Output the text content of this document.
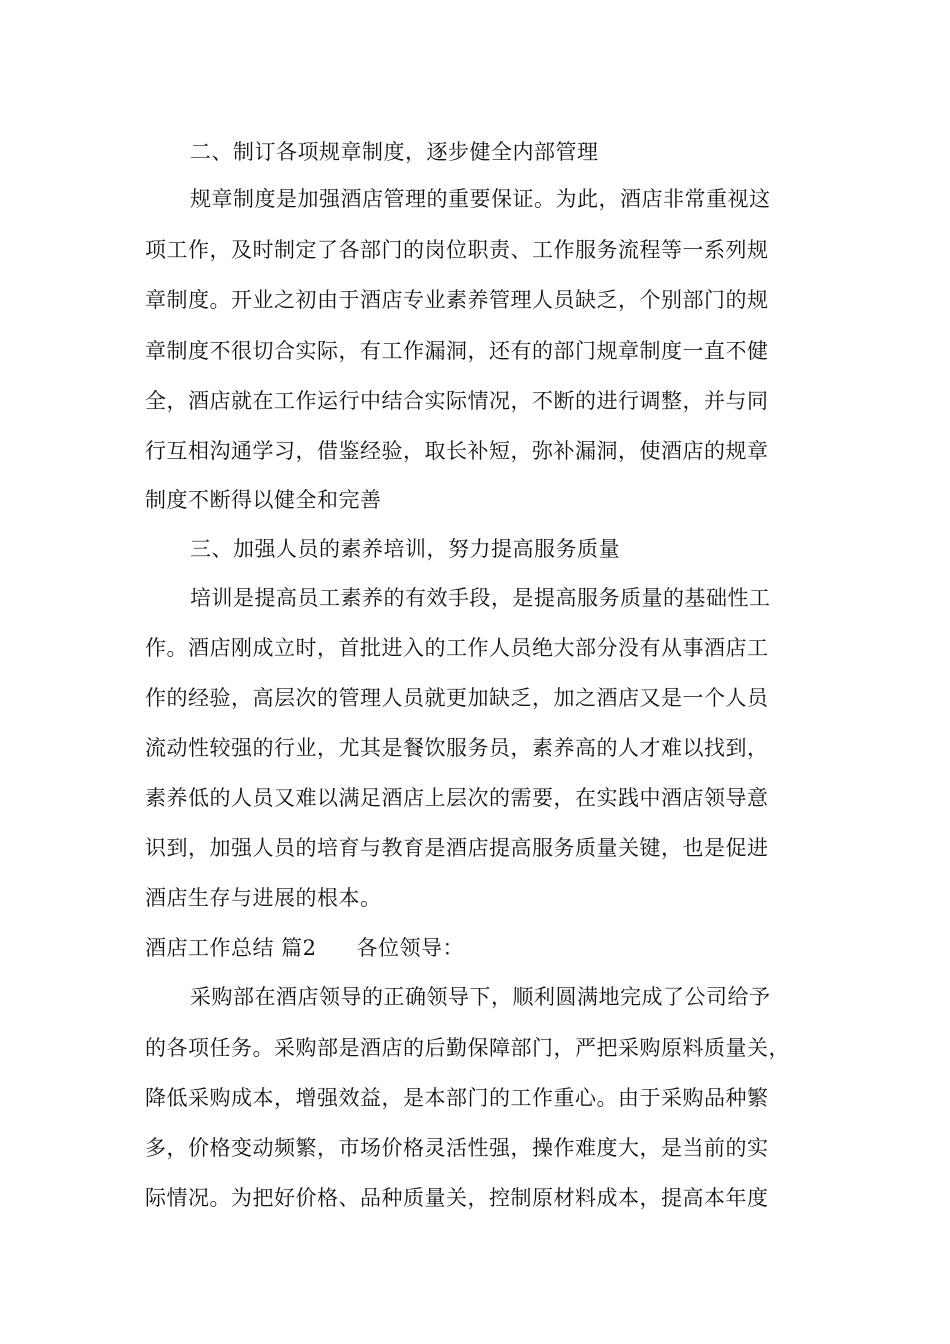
二、制订各项规章制度，逐步健全内部管理
规章制度是加强酒店管理的重要保证。为此，酒店非常重视这
项工作，及时制定了各部门的岗位职责、工作服务流程等一系列规
章制度。开业之初由于酒店专业素养管理人员缺乏，个别部门的规
章制度不很切合实际，有工作漏洞，还有的部门规章制度一直不健
全，酒店就在工作运行中结合实际情况，不断的进行调整，并与同
行互相沟通学习，借鉴经验，取长补短，弥补漏洞，使酒店的规章
制度不断得以健全和完善
三、加强人员的素养培训，努力提高服务质量
培训是提高员工素养的有效手段，是提高服务质量的基础性工
作。酒店刚成立时，首批进入的工作人员绝大部分没有从事酒店工
作的经验，高层次的管理人员就更加缺乏，加之酒店又是一个人员
流动性较强的行业，尤其是餐饮服务员，素养高的人才难以找到，
素养低的人员又难以满足酒店上层次的需要，在实践中酒店领导意
识到，加强人员的培育与教育是酒店提高服务质量关键，也是促进
酒店生存与进展的根本。
酒店工作总结 篇2 各位领导：
采购部在酒店领导的正确领导下，顺利圆满地完成了公司给予
的各项任务。采购部是酒店的后勤保障部门，严把采购原料质量关，
降低采购成本，增强效益，是本部门的工作重心。由于采购品种繁
多，价格变动频繁，市场价格灵活性强，操作难度大，是当前的实
际情况。为把好价格、品种质量关，控制原材料成本，提高本年度
